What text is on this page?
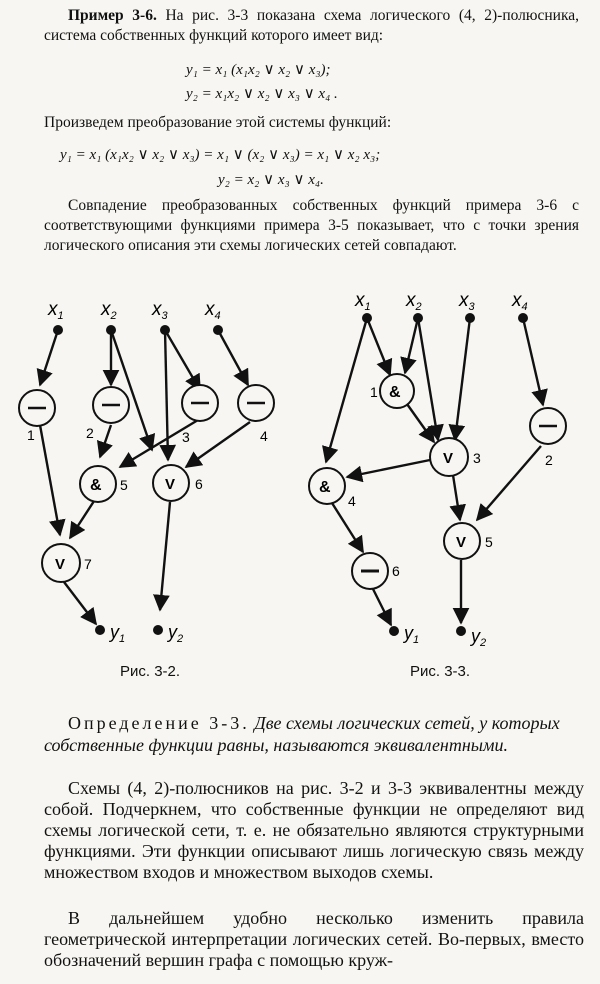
Пример 3-6. На рис. 3-3 показана схема логического (4, 2)-полюсника, система собственных функций которого имеет вид:
y₁ = x₁ (x₁x₂ ∨ x₂ ∨ x₃);
y₂ = x₁x₂ ∨ x₂ ∨ x₃ ∨ x₄ .
Произведем преобразование этой системы функций:
y₁ = x₁ (x₁x₂ ∨ x₂ ∨ x₃) = x₁ ∨ (x₂ ∨ x₃) = x₁ ∨ x₂ x₃;
y₂ = x₂ ∨ x₃ ∨ x₄.
Совпадение преобразованных собственных функций примера 3-6 с соответствующими функциями примера 3-5 показывает, что с точки зрения логического описания эти схемы логических сетей совпадают.
$x_1$ $x_2$ $x_3$ $x_4$
1	2	3	4
& 5 V 6
V 7
$y_1$ $y_2$
$x_1$ $x_2$ $x_3$ $x_4$
&
1
V 3	2
&
4
V 5
6
$y_1$	$y_2$
Рис. 3-2.	Рис. 3-3.
Определение 3-3. Две схемы логических сетей, у которых собственные функции равны, называются эквивалентными.
Схемы (4, 2)-полюсников на рис. 3-2 и 3-3 эквивалентны между собой. Подчеркнем, что собственные функции не определяют вид схемы логической сети, т. е. не обязательно являются структурными функциями. Эти функции описывают лишь логическую связь между множеством входов и множеством выходов схемы.
В дальнейшем удобно несколько изменить правила геометрической интерпретации логических сетей. Во-первых, вместо обозначений вершин графа с помощью круж-
